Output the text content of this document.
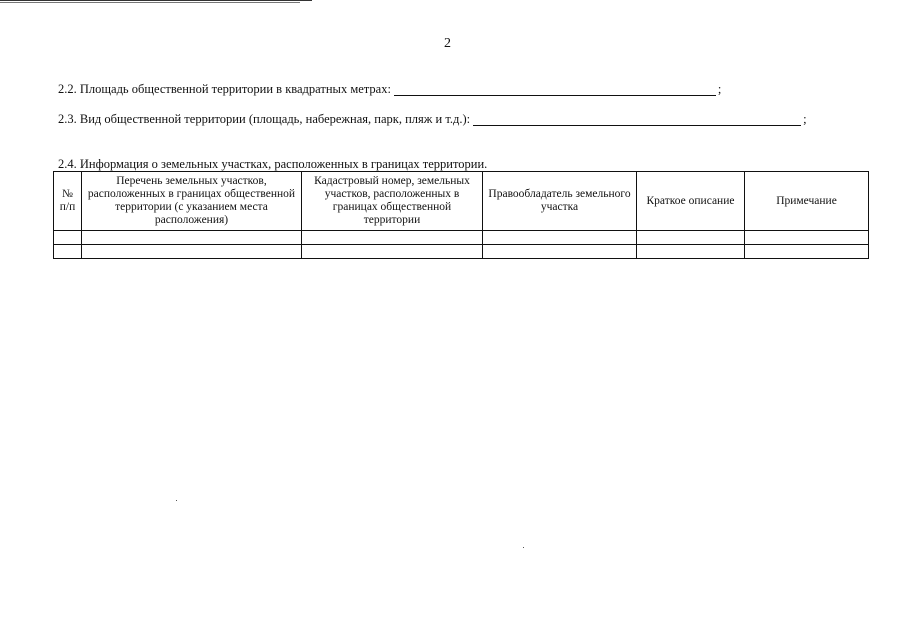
2
2.2. Площадь общественной территории в квадратных метрах:	;
2.3. Вид общественной территории (площадь, набережная, парк, пляж и т.д.):	;
2.4. Информация о земельных участках, расположенных в границах территории.
№ п/п	Перечень земельных участков, расположенных в границах общественной территории (с указанием места расположения)	Кадастровый номер, земельных участков, расположенных в границах общественной территории	Правообладатель земельного участка	Краткое описание	Примечание
